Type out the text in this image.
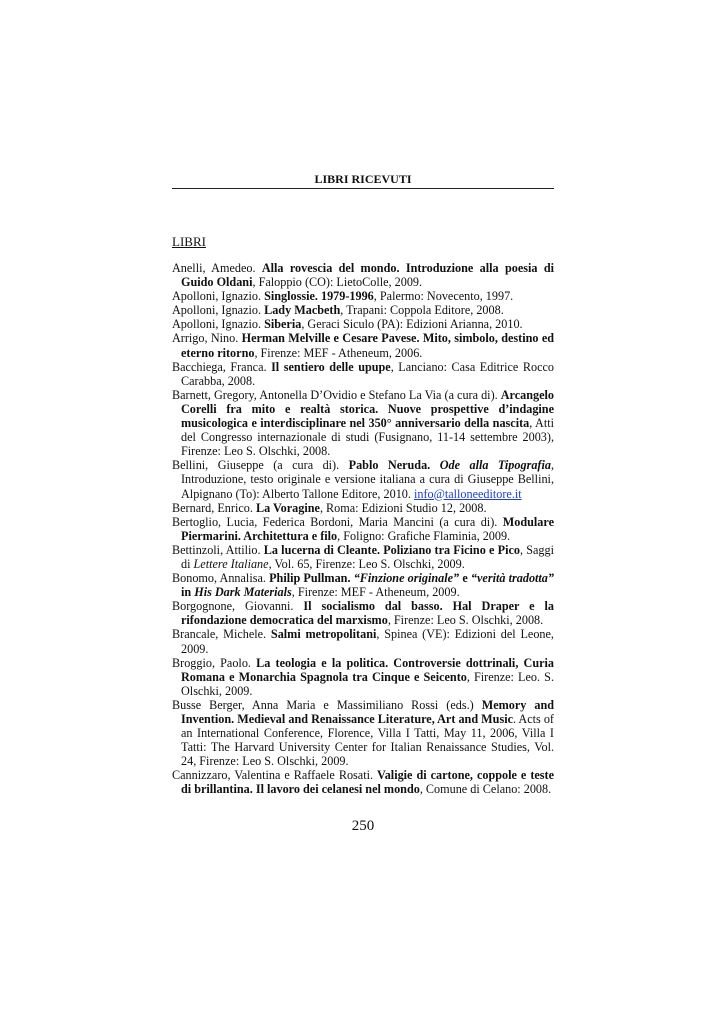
LIBRI RICEVUTI
LIBRI

Anelli, Amedeo. Alla rovescia del mondo. Introduzione alla poesia di Guido Oldani, Faloppio (CO): LietoColle, 2009.

Apolloni, Ignazio. Singlossie. 1979-1996, Palermo: Novecento, 1997.

Apolloni, Ignazio. Lady Macbeth, Trapani: Coppola Editore, 2008.

Apolloni, Ignazio. Siberia, Geraci Siculo (PA): Edizioni Arianna, 2010.

Arrigo, Nino. Herman Melville e Cesare Pavese. Mito, simbolo, destino ed eterno ritorno, Firenze: MEF - Atheneum, 2006.

Bacchiega, Franca. Il sentiero delle upupe, Lanciano: Casa Editrice Rocco Carabba, 2008.

Barnett, Gregory, Antonella D’Ovidio e Stefano La Via (a cura di). Arcangelo Corelli fra mito e realtà storica. Nuove prospettive d’indagine musicologica e interdisciplinare nel 350° anniversario della nascita, Atti del Congresso internazionale di studi (Fusignano, 11-14 settembre 2003), Firenze: Leo S. Olschki, 2008.

Bellini, Giuseppe (a cura di). Pablo Neruda. Ode alla Tipografia, Introduzione, testo originale e versione italiana a cura di Giuseppe Bellini, Alpignano (To): Alberto Tallone Editore, 2010. info@talloneeditore.it

Bernard, Enrico. La Voragine, Roma: Edizioni Studio 12, 2008.

Bertoglio, Lucia, Federica Bordoni, Maria Mancini (a cura di). Modulare Piermarini. Architettura e filo, Foligno: Grafiche Flaminia, 2009.

Bettinzoli, Attilio. La lucerna di Cleante. Poliziano tra Ficino e Pico, Saggi di Lettere Italiane, Vol. 65, Firenze: Leo S. Olschki, 2009.

Bonomo, Annalisa. Philip Pullman. “Finzione originale” e “verità tradotta” in His Dark Materials, Firenze: MEF - Atheneum, 2009.

Borgognone, Giovanni. Il socialismo dal basso. Hal Draper e la rifondazione democratica del marxismo, Firenze: Leo S. Olschki, 2008.

Brancale, Michele. Salmi metropolitani, Spinea (VE): Edizioni del Leone, 2009.

Broggio, Paolo. La teologia e la politica. Controversie dottrinali, Curia Romana e Monarchia Spagnola tra Cinque e Seicento, Firenze: Leo. S. Olschki, 2009.

Busse Berger, Anna Maria e Massimiliano Rossi (eds.) Memory and Invention. Medieval and Renaissance Literature, Art and Music. Acts of an International Conference, Florence, Villa I Tatti, May 11, 2006, Villa I Tatti: The Harvard University Center for Italian Renaissance Studies, Vol. 24, Firenze: Leo S. Olschki, 2009.

Cannizzaro, Valentina e Raffaele Rosati. Valigie di cartone, coppole e teste di brillantina. Il lavoro dei celanesi nel mondo, Comune di Celano: 2008.

250
